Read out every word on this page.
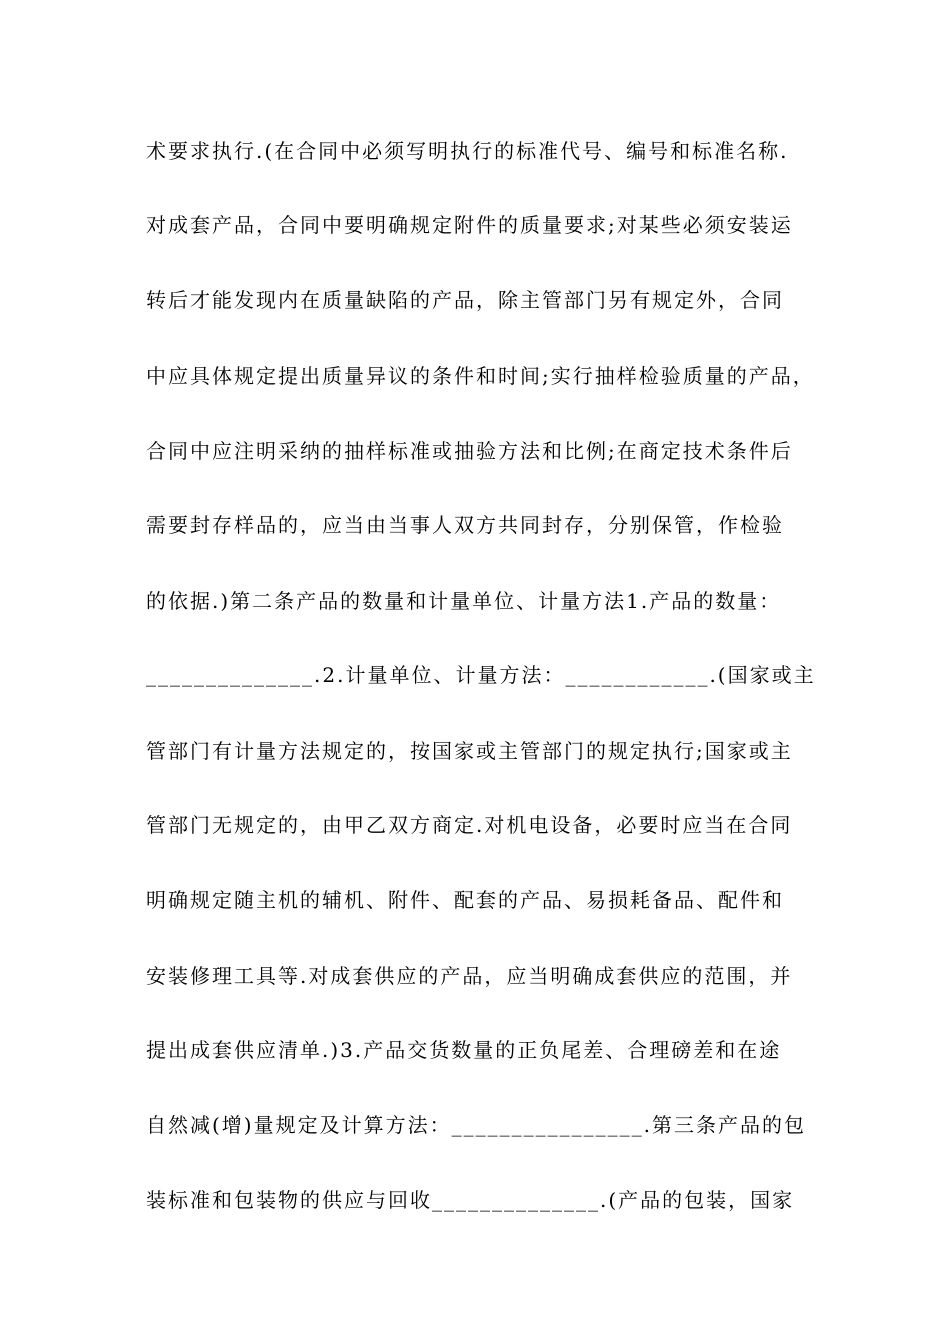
术要求执行.(在合同中必须写明执行的标准代号、编号和标准名称.
对成套产品，合同中要明确规定附件的质量要求;对某些必须安装运
转后才能发现内在质量缺陷的产品，除主管部门另有规定外，合同
中应具体规定提出质量异议的条件和时间;实行抽样检验质量的产品，
合同中应注明采纳的抽样标准或抽验方法和比例;在商定技术条件后
需要封存样品的，应当由当事人双方共同封存，分别保管，作检验
的依据.)第二条产品的数量和计量单位、计量方法1.产品的数量：
______________.2.计量单位、计量方法：____________.(国家或主
管部门有计量方法规定的，按国家或主管部门的规定执行;国家或主
管部门无规定的，由甲乙双方商定.对机电设备，必要时应当在合同
明确规定随主机的辅机、附件、配套的产品、易损耗备品、配件和
安装修理工具等.对成套供应的产品，应当明确成套供应的范围，并
提出成套供应清单.)3.产品交货数量的正负尾差、合理磅差和在途
自然减(增)量规定及计算方法：________________.第三条产品的包
装标准和包装物的供应与回收______________.(产品的包装，国家
